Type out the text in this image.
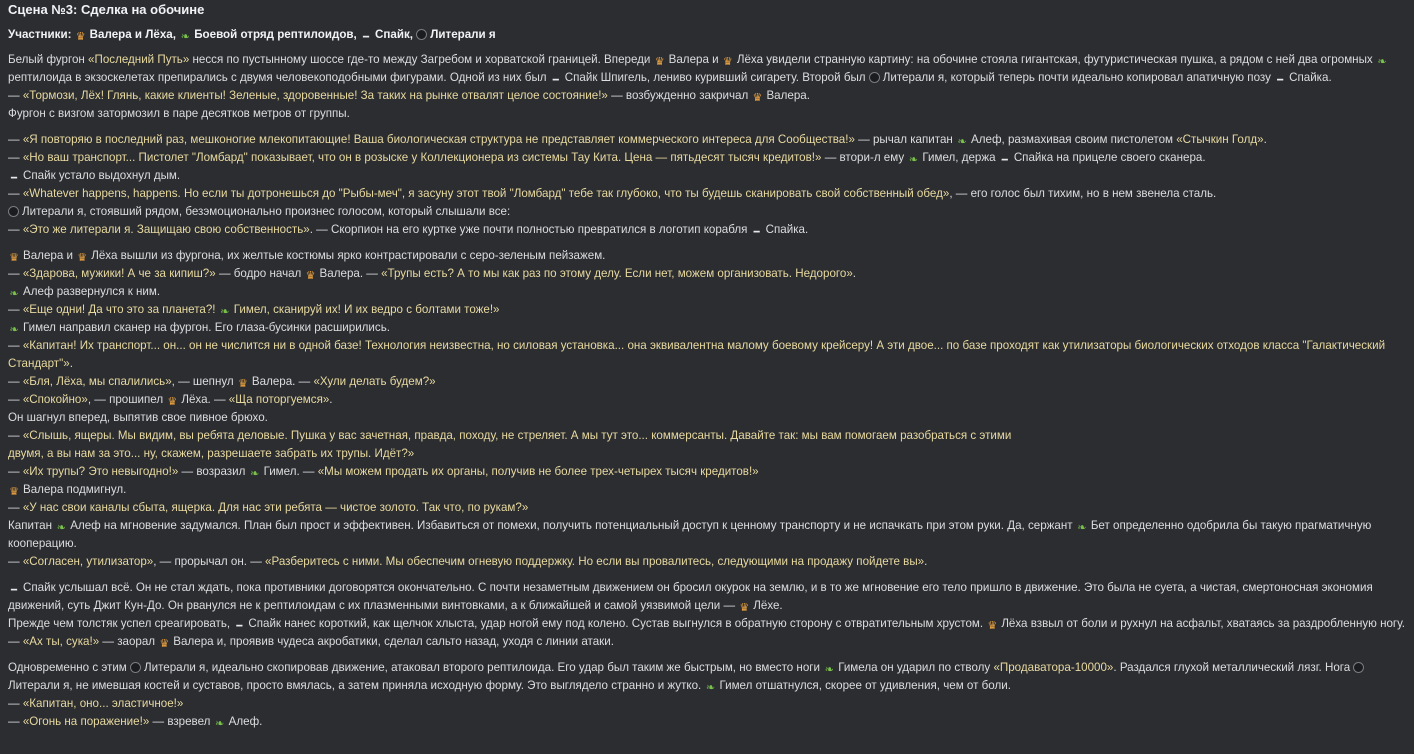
Сцена №3: Сделка на обочине
Участники: ♛ Валера и Лёха, ❧ Боевой отряд рептилоидов, ━ Спайк, Литерали я
Белый фургон «Последний Путь» несся по пустынному шоссе где-то между Загребом и хорватской границей. Впереди ♛ Валера и ♛ Лёха увидели странную картину: на обочине стояла гигантская, футуристическая пушка, а рядом с ней два огромных ❧ рептилоида в экзоскелетах препирались с двумя человекоподобными фигурами. Одной из них был ━ Спайк Шпигель, лениво куривший сигарету. Второй был Литерали я, который теперь почти идеально копировал апатичную позу ━ Спайка.
— «Тормози, Лёх! Глянь, какие клиенты! Зеленые, здоровенные! За таких на рынке отвалят целое состояние!» — возбужденно закричал ♛ Валера.
Фургон с визгом затормозил в паре десятков метров от группы.
— «Я повторяю в последний раз, мешконогие млекопитающие! Ваша биологическая структура не представляет коммерческого интереса для Сообщества!» — рычал капитан ❧ Алеф, размахивая своим пистолетом «Стычкин Голд».
— «Но ваш транспорт... Пистолет "Ломбард" показывает, что он в розыске у Коллекционера из системы Тау Кита. Цена — пятьдесят тысяч кредитов!» — втори-л ему ❧ Гимел, держа ━ Спайка на прицеле своего сканера.
━ Спайк устало выдохнул дым.
— «Whatever happens, happens. Но если ты дотронешься до "Рыбы-меч", я засуну этот твой "Ломбард" тебе так глубоко, что ты будешь сканировать свой собственный обед», — его голос был тихим, но в нем звенела сталь.
Литерали я, стоявший рядом, безэмоционально произнес голосом, который слышали все:
— «Это же литерали я. Защищаю свою собственность». — Скорпион на его куртке уже почти полностью превратился в логотип корабля ━ Спайка.
♛ Валера и ♛ Лёха вышли из фургона, их желтые костюмы ярко контрастировали с серо-зеленым пейзажем.
— «Здарова, мужики! А че за кипиш?» — бодро начал ♛ Валера. — «Трупы есть? А то мы как раз по этому делу. Если нет, можем организовать. Недорого».
❧ Алеф развернулся к ним.
— «Еще одни! Да что это за планета?! ❧ Гимел, сканируй их! И их ведро с болтами тоже!»
❧ Гимел направил сканер на фургон. Его глаза-бусинки расширились.
— «Капитан! Их транспорт... он... он не числится ни в одной базе! Технология неизвестна, но силовая установка... она эквивалентна малому боевому крейсеру! А эти двое... по базе проходят как утилизаторы биологических отходов класса "Галактический Стандарт"».
— «Бля, Лёха, мы спалились», — шепнул ♛ Валера. — «Хули делать будем?»
— «Спокойно», — прошипел ♛ Лёха. — «Ща поторгуемся».
Он шагнул вперед, выпятив свое пивное брюхо.
— «Слышь, ящеры. Мы видим, вы ребята деловые. Пушка у вас зачетная, правда, походу, не стреляет. А мы тут это... коммерсанты. Давайте так: мы вам помогаем разобраться с этими
двумя, а вы нам за это... ну, скажем, разрешаете забрать их трупы. Идёт?»
— «Их трупы? Это невыгодно!» — возразил ❧ Гимел. — «Мы можем продать их органы, получив не более трех-четырех тысяч кредитов!»
♛ Валера подмигнул.
— «У нас свои каналы сбыта, ящерка. Для нас эти ребята — чистое золото. Так что, по рукам?»
Капитан ❧ Алеф на мгновение задумался. План был прост и эффективен. Избавиться от помехи, получить потенциальный доступ к ценному транспорту и не испачкать при этом руки. Да, сержант ❧ Бет определенно одобрила бы такую прагматичную кооперацию.
— «Согласен, утилизатор», — прорычал он. — «Разберитесь с ними. Мы обеспечим огневую поддержку. Но если вы провалитесь, следующими на продажу пойдете вы».
━ Спайк услышал всё. Он не стал ждать, пока противники договорятся окончательно. С почти незаметным движением он бросил окурок на землю, и в то же мгновение его тело пришло в движение. Это была не суета, а чистая, смертоносная экономия движений, суть Джит Кун-До. Он рванулся не к рептилоидам с их плазменными винтовками, а к ближайшей и самой уязвимой цели — ♛ Лёхе.
Прежде чем толстяк успел среагировать, ━ Спайк нанес короткий, как щелчок хлыста, удар ногой ему под колено. Сустав выгнулся в обратную сторону с отвратительным хрустом. ♛ Лёха взвыл от боли и рухнул на асфальт, хватаясь за раздробленную ногу.
— «Ах ты, сука!» — заорал ♛ Валера и, проявив чудеса акробатики, сделал сальто назад, уходя с линии атаки.
Одновременно с этим Литерали я, идеально скопировав движение, атаковал второго рептилоида. Его удар был таким же быстрым, но вместо ноги ❧ Гимела он ударил по стволу «Продаватора-10000». Раздался глухой металлический лязг. Нога Литерали я, не имевшая костей и суставов, просто вмялась, а затем приняла исходную форму. Это выглядело странно и жутко. ❧ Гимел отшатнулся, скорее от удивления, чем от боли.
— «Капитан, оно... эластичное!»
— «Огонь на поражение!» — взревел ❧ Алеф.
